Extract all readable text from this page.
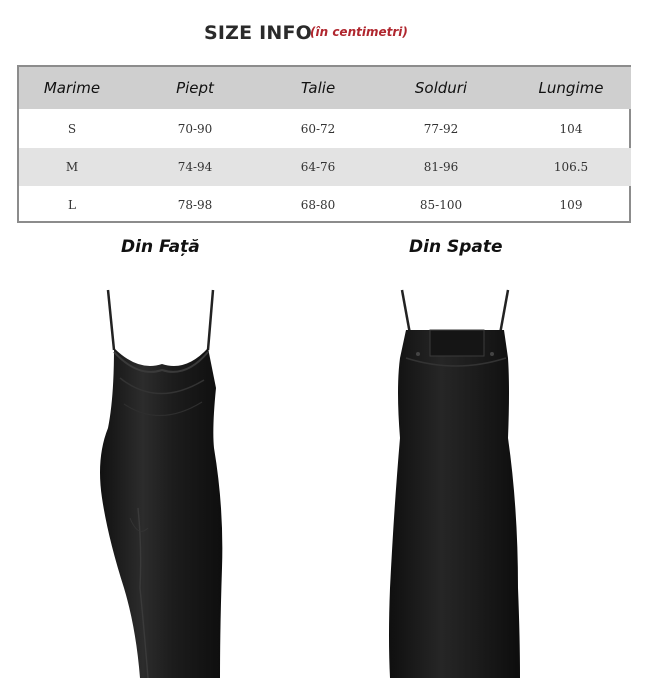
SIZE INFO
(în centimetri)
Marime	Piept	Talie	Solduri	Lungime
S	70-90	60-72	77-92	104
M	74-94	64-76	81-96	106.5
L	78-98	68-80	85-100	109
Din Față	Din Spate
